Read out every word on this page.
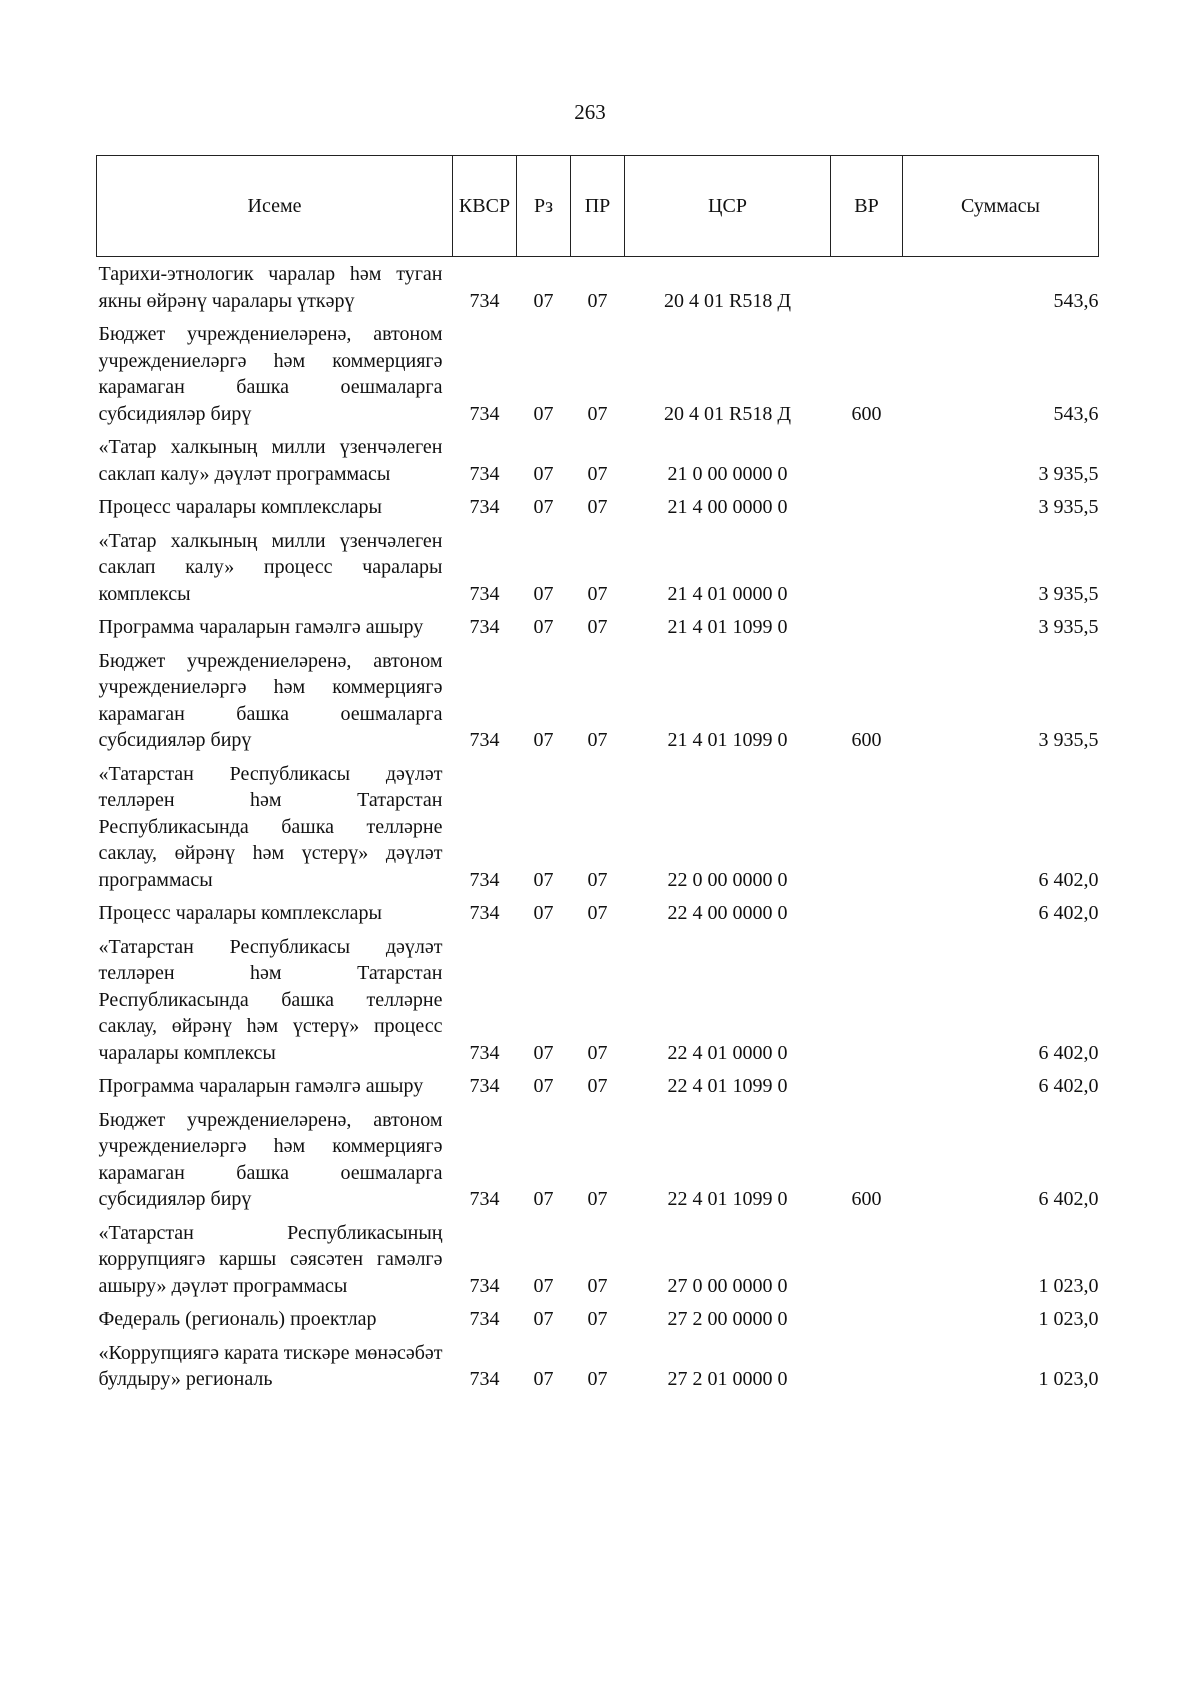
263
Исеме	КВСР	Рз	ПР	ЦСР	ВР	Суммасы
Тарихи-этнологик чаралар һәм туган якны өйрәнү чаралары үткәрү	734	07	07	20 4 01 R518 Д		543,6
Бюджет учреждениеләренә, автоном учреждениеләргә һәм коммерциягә карамаган башка оешмаларга субсидияләр бирү	734	07	07	20 4 01 R518 Д	600	543,6
«Татар халкының милли үзенчәлеген саклап калу» дәүләт программасы	734	07	07	21 0 00 0000 0		3 935,5
Процесс чаралары комплекслары	734	07	07	21 4 00 0000 0		3 935,5
«Татар халкының милли үзенчәлеген саклап калу» процесс чаралары комплексы	734	07	07	21 4 01 0000 0		3 935,5
Программа чараларын гамәлгә ашыру	734	07	07	21 4 01 1099 0		3 935,5
Бюджет учреждениеләренә, автоном учреждениеләргә һәм коммерциягә карамаган башка оешмаларга субсидияләр бирү	734	07	07	21 4 01 1099 0	600	3 935,5
«Татарстан Республикасы дәүләт телләрен һәм Татарстан Республикасында башка телләрне саклау, өйрәнү һәм үстерү» дәүләт программасы	734	07	07	22 0 00 0000 0		6 402,0
Процесс чаралары комплекслары	734	07	07	22 4 00 0000 0		6 402,0
«Татарстан Республикасы дәүләт телләрен һәм Татарстан Республикасында башка телләрне саклау, өйрәнү һәм үстерү» процесс чаралары комплексы	734	07	07	22 4 01 0000 0		6 402,0
Программа чараларын гамәлгә ашыру	734	07	07	22 4 01 1099 0		6 402,0
Бюджет учреждениеләренә, автоном учреждениеләргә һәм коммерциягә карамаган башка оешмаларга субсидияләр бирү	734	07	07	22 4 01 1099 0	600	6 402,0
«Татарстан Республикасының коррупциягә каршы сәясәтен гамәлгә ашыру» дәүләт программасы	734	07	07	27 0 00 0000 0		1 023,0
Федераль (региональ) проектлар	734	07	07	27 2 00 0000 0		1 023,0
«Коррупциягә карата тискәре мөнәсәбәт булдыру» региональ	734	07	07	27 2 01 0000 0		1 023,0
